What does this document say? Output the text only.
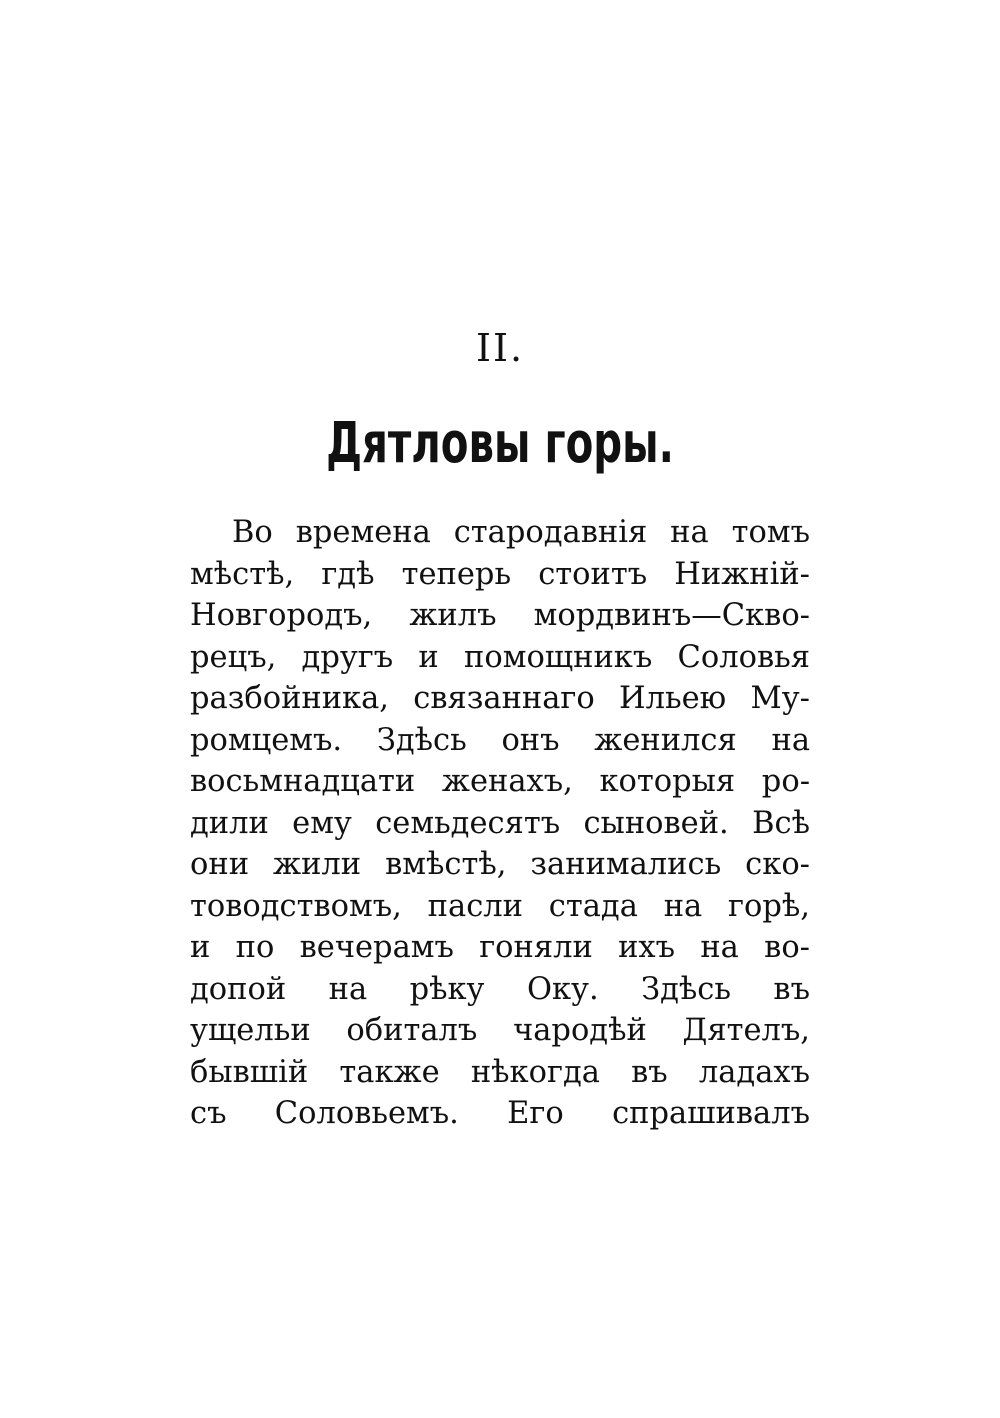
II.
Дятловы горы.
Во времена стародавнія на томъ
мѣстѣ, гдѣ теперь стоитъ Нижній-
Новгородъ, жилъ мордвинъ—Скво-
рецъ, другъ и помощникъ Соловья
разбойника, связаннаго Ильею Му-
ромцемъ. Здѣсь онъ женился на
восьмнадцати женахъ, которыя ро-
дили ему семьдесятъ сыновей. Всѣ
они жили вмѣстѣ, занимались ско-
товодствомъ, пасли стада на горѣ,
и по вечерамъ гоняли ихъ на во-
допой на рѣку Оку. Здѣсь въ
ущельи обиталъ чародѣй Дятелъ,
бывшій также нѣкогда въ ладахъ
съ Соловьемъ. Его спрашивалъ
